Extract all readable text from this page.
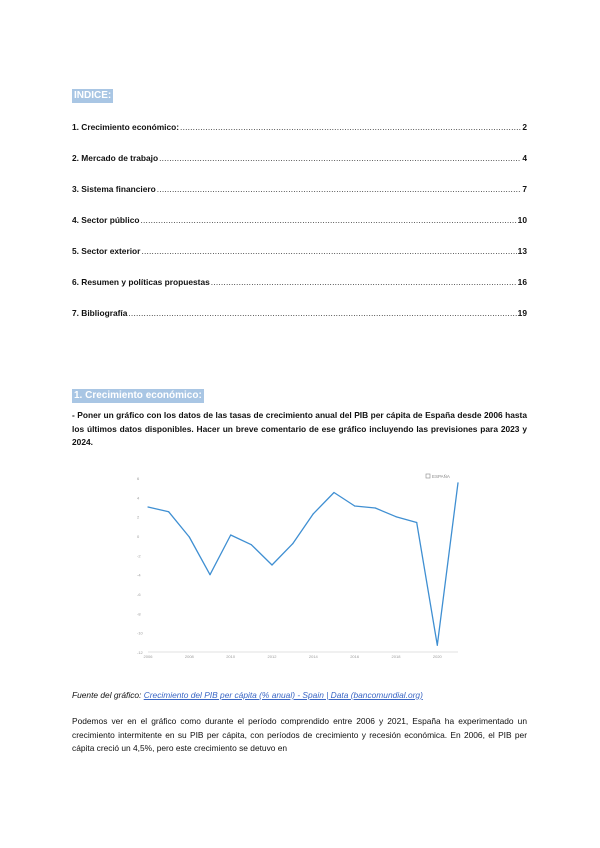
INDICE:
1. Crecimiento económico: .....	2
2. Mercado de trabajo .....	4
3. Sistema financiero .....	7
4. Sector público .....	10
5. Sector exterior .....	13
6. Resumen y políticas propuestas .....	16
7. Bibliografía .....	19
1. Crecimiento económico:
- Poner un gráfico con los datos de las tasas de crecimiento anual del PIB per cápita de España desde 2006 hasta los últimos datos disponibles. Hacer un breve comentario de ese gráfico incluyendo las previsiones para 2023 y 2024.
6
4
2
0
-2
-4
-6
-8
-10
-12
2006	2008	2010	2012	2014	2016	2018	2020
ESPAÑA
Fuente del gráfico: Crecimiento del PIB per cápita (% anual) - Spain | Data (bancomundial.org)
Podemos ver en el gráfico como durante el período comprendido entre 2006 y 2021, España ha experimentado un crecimiento intermitente en su PIB per cápita, con períodos de crecimiento y recesión económica. En 2006, el PIB per cápita creció un 4,5%, pero este crecimiento se detuvo en
